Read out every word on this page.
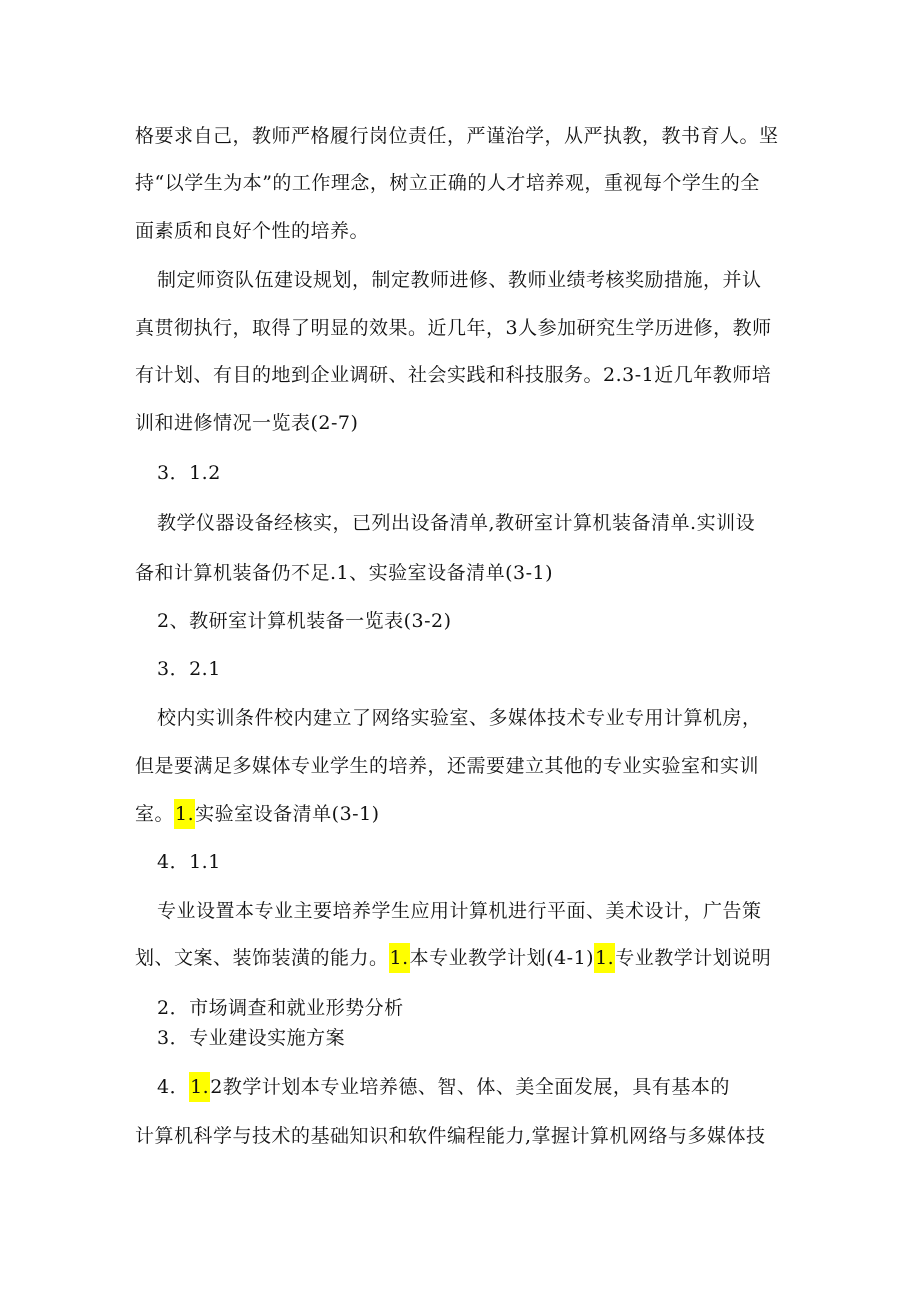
格要求自己，教师严格履行岗位责任，严谨治学，从严执教，教书育人。坚
持“以学生为本”的工作理念，树立正确的人才培养观，重视每个学生的全
面素质和良好个性的培养。
制定师资队伍建设规划，制定教师进修、教师业绩考核奖励措施，并认
真贯彻执行，取得了明显的效果。近几年，3人参加研究生学历进修，教师
有计划、有目的地到企业调研、社会实践和科技服务。2.3-1近几年教师培
训和进修情况一览表(2-7)
3．1.2
教学仪器设备经核实，已列出设备清单,教研室计算机装备清单.实训设
备和计算机装备仍不足.1、实验室设备清单(3-1)
2、教研室计算机装备一览表(3-2)
3．2.1
校内实训条件校内建立了网络实验室、多媒体技术专业专用计算机房，
但是要满足多媒体专业学生的培养，还需要建立其他的专业实验室和实训
室。1.实验室设备清单(3-1)
4．1.1
专业设置本专业主要培养学生应用计算机进行平面、美术设计，广告策
划、文案、装饰装潢的能力。1.本专业教学计划(4-1)1.专业教学计划说明
2．市场调查和就业形势分析
3．专业建设实施方案
4．1.2教学计划本专业培养德、智、体、美全面发展，具有基本的
计算机科学与技术的基础知识和软件编程能力,掌握计算机网络与多媒体技
